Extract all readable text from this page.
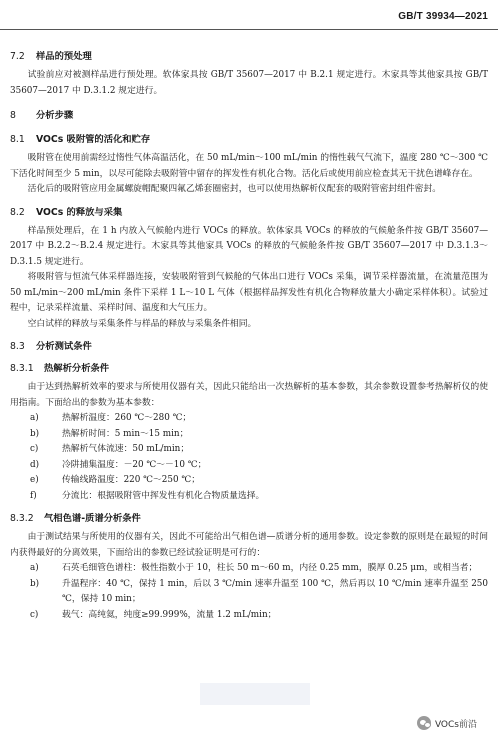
GB/T 39934—2021
7.2 样品的预处理

试验前应对被测样品进行预处理。软体家具按 GB/T 35607—2017 中 B.2.1 规定进行。木家具等其他家具按 GB/T 35607—2017 中 D.3.1.2 规定进行。

8 分析步骤
8.1 VOCs 吸附管的活化和贮存

吸附管在使用前需经过惰性气体高温活化，在 50 mL/min～100 mL/min 的惰性载气气流下，温度 280 ℃～300 ℃下活化时间至少 5 min，以尽可能除去吸附管中留存的挥发性有机化合物。活化后或使用前应检查其无干扰色谱峰存在。

活化后的吸附管应用金属螺旋帽配聚四氟乙烯套圈密封，也可以使用热解析仪配套的吸附管密封组件密封。

8.2 VOCs 的释放与采集

样品预处理后，在 1 h 内放入气候舱内进行 VOCs 的释放。软体家具 VOCs 的释放的气候舱条件按 GB/T 35607—2017 中 B.2.2～B.2.4 规定进行。木家具等其他家具 VOCs 的释放的气候舱条件按 GB/T 35607—2017 中 D.3.1.3～D.3.1.5 规定进行。

将吸附管与恒流气体采样器连接，安装吸附管到气候舱的气体出口进行 VOCs 采集，调节采样器流量，在流量范围为 50 mL/min～200 mL/min 条件下采样 1 L～10 L 气体（根据样品挥发性有机化合物释放量大小确定采样体积）。试验过程中，记录采样流量、采样时间、温度和大气压力。

空白试样的释放与采集条件与样品的释放与采集条件相同。

8.3 分析测试条件
8.3.1 热解析分析条件

由于达到热解析效率的要求与所使用仪器有关，因此只能给出一次热解析的基本参数，其余参数设置参考热解析仪的使用指南。下面给出的参数为基本参数：

a)	热解析温度：260 ℃～280 ℃；
b)	热解析时间：5 min～15 min；
c)	热解析气体流速：50 mL/min；
d)	冷阱捕集温度：－20 ℃～－10 ℃；
e)	传输线路温度：220 ℃～250 ℃；
f)	分流比：根据吸附管中挥发性有机化合物质量选择。
8.3.2 气相色谱-质谱分析条件

由于测试结果与所使用的仪器有关，因此不可能给出气相色谱—质谱分析的通用参数。设定参数的原则是在最短的时间内获得最好的分离效果，下面给出的参数已经试验证明是可行的：

a)	石英毛细管色谱柱：极性指数小于 10，柱长 50 m～60 m，内径 0.25 mm，膜厚 0.25 μm，或相当者；
b)	升温程序：40 ℃，保持 1 min，后以 3 ℃/min 速率升温至 100 ℃，然后再以 10 ℃/min 速率升温至 250 ℃，保持 10 min；
c)	载气：高纯氦，纯度≥99.999%，流量 1.2 mL/min；
VOCs前沿
